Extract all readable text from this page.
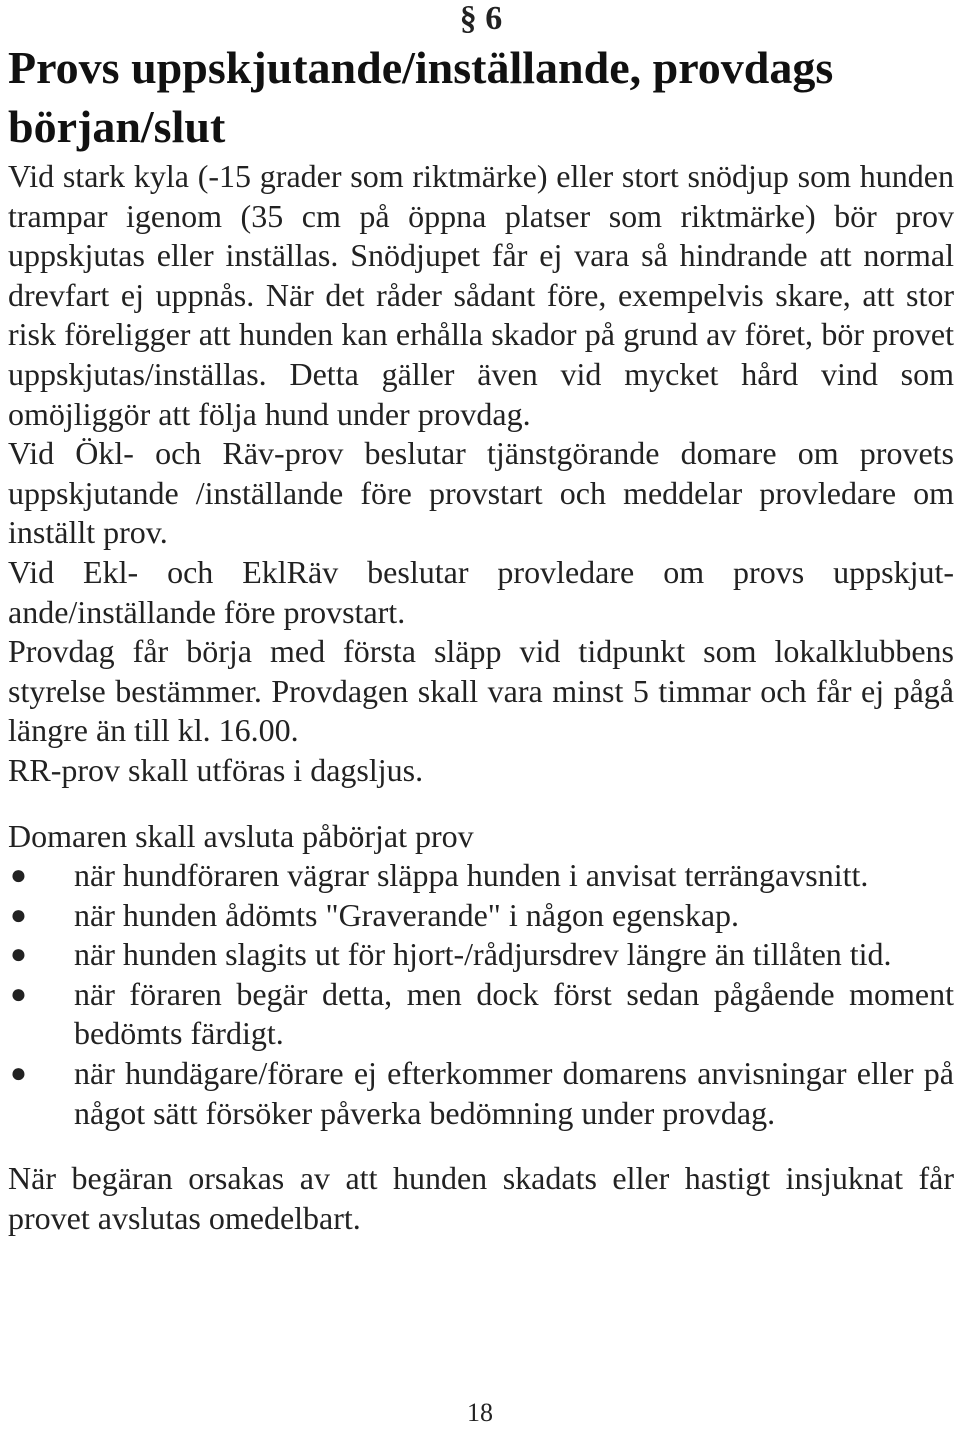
§ 6
Provs uppskjutande/inställande, provdags början/slut

Vid stark kyla (-15 grader som riktmärke) eller stort snödjup som hunden trampar igenom (35 cm på öppna platser som riktmärke) bör prov uppskjutas eller inställas. Snödjupet får ej vara så hindrande att normal drevfart ej uppnås. När det råder sådant före, exempelvis skare, att stor risk föreligger att hunden kan erhålla skador på grund av föret, bör provet uppskjutas/inställas. Detta gäller även vid mycket hård vind som omöjliggör att följa hund under provdag.

Vid Ökl- och Räv-prov beslutar tjänstgörande domare om provets uppskjutande /inställande före provstart och meddelar provledare om inställt prov.

Vid Ekl- och EklRäv beslutar provledare om provs uppskjutande/inställande före provstart.

Provdag får börja med första släpp vid tidpunkt som lokalklubbens styrelse bestämmer. Provdagen skall vara minst 5 timmar och får ej pågå längre än till kl. 16.00.

RR-prov skall utföras i dagsljus.

Domaren skall avsluta påbörjat prov

● när hundföraren vägrar släppa hunden i anvisat terrängavsnitt.
● när hunden ådömts "Graverande" i någon egenskap.
● när hunden slagits ut för hjort-/rådjursdrev längre än tillåten tid.
● när föraren begär detta, men dock först sedan pågående moment bedömts färdigt.
● när hundägare/förare ej efterkommer domarens anvisningar eller på något sätt försöker påverka bedömning under provdag.

När begäran orsakas av att hunden skadats eller hastigt insjuknat får provet avslutas omedelbart.

18
